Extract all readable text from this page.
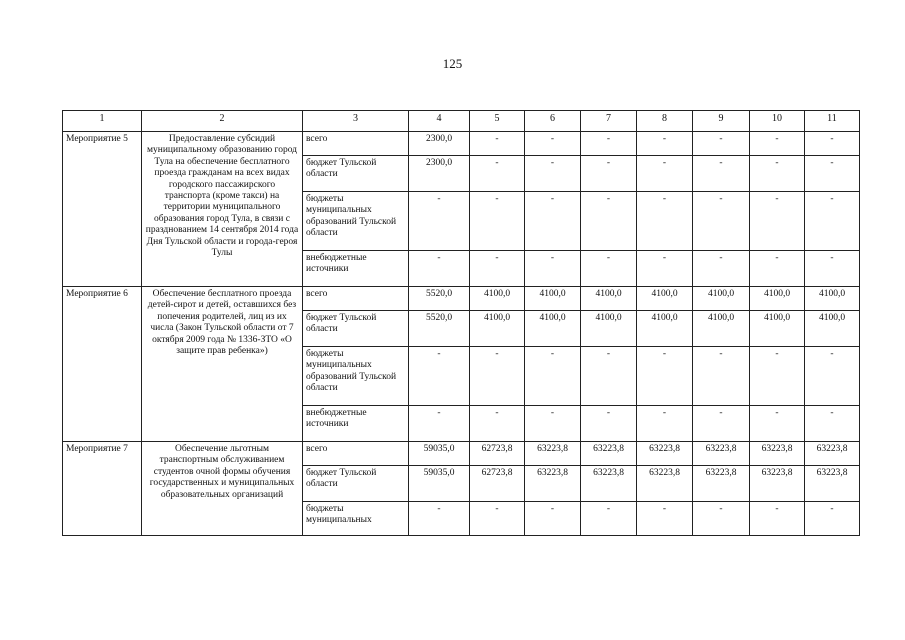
125
1	2	3	4	5	6	7	8	9	10	11
Мероприятие 5	Предоставление субсидий муниципальному образованию город Тула на обеспечение бесплатного проезда гражданам на всех видах городского пассажирского транспорта (кроме такси) на территории муниципального образования город Тула, в связи с празднованием 14 сентября 2014 года Дня Тульской области и города-героя Тулы	всего	2300,0	-	-	-	-	-	-	-
		бюджет Тульской области	2300,0	-	-	-	-	-	-	-
		бюджеты муниципальных образований Тульской области	-	-	-	-	-	-	-	-
		внебюджетные источники	-	-	-	-	-	-	-	-
Мероприятие 6	Обеспечение бесплатного проезда детей-сирот и детей, оставшихся без попечения родителей, лиц из их числа (Закон Тульской области от 7 октября 2009 года № 1336-ЗТО «О защите прав ребенка»)	всего	5520,0	4100,0	4100,0	4100,0	4100,0	4100,0	4100,0	4100,0
		бюджет Тульской области	5520,0	4100,0	4100,0	4100,0	4100,0	4100,0	4100,0	4100,0
		бюджеты муниципальных образований Тульской области	-	-	-	-	-	-	-	-
		внебюджетные источники	-	-	-	-	-	-	-	-
Мероприятие 7	Обеспечение льготным транспортным обслуживанием студентов очной формы обучения государственных и муниципальных образовательных организаций	всего	59035,0	62723,8	63223,8	63223,8	63223,8	63223,8	63223,8	63223,8
		бюджет Тульской области	59035,0	62723,8	63223,8	63223,8	63223,8	63223,8	63223,8	63223,8
		бюджеты муниципальных	-	-	-	-	-	-	-	-
